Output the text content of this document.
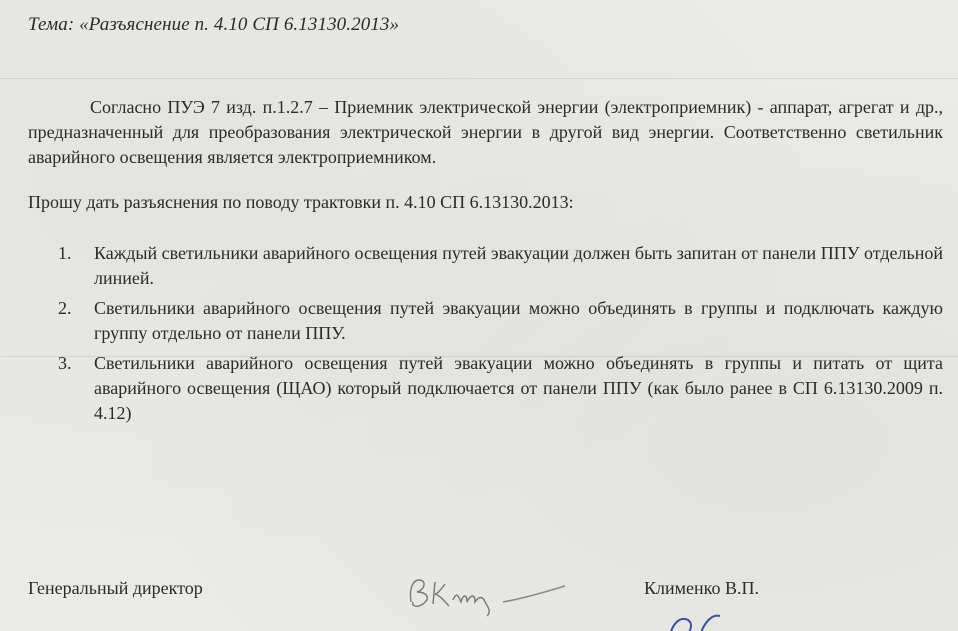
Тема: «Разъяснение п. 4.10 СП 6.13130.2013»
Согласно ПУЭ 7 изд. п.1.2.7 – Приемник электрической энергии (электроприемник) - аппарат, агрегат и др., предназначенный для преобразования электрической энергии в другой вид энергии. Соответственно светильник аварийного освещения является электроприемником.
Прошу дать разъяснения по поводу трактовки п. 4.10 СП 6.13130.2013:
1. Каждый светильники аварийного освещения путей эвакуации должен быть запитан от панели ППУ отдельной линией.
2. Светильники аварийного освещения путей эвакуации можно объединять в группы и подключать каждую группу отдельно от панели ППУ.
3. Светильники аварийного освещения путей эвакуации можно объединять в группы и питать от щита аварийного освещения (ЩАО) который подключается от панели ППУ (как было ранее в СП 6.13130.2009 п. 4.12)
Генеральный директор	Клименко В.П.
